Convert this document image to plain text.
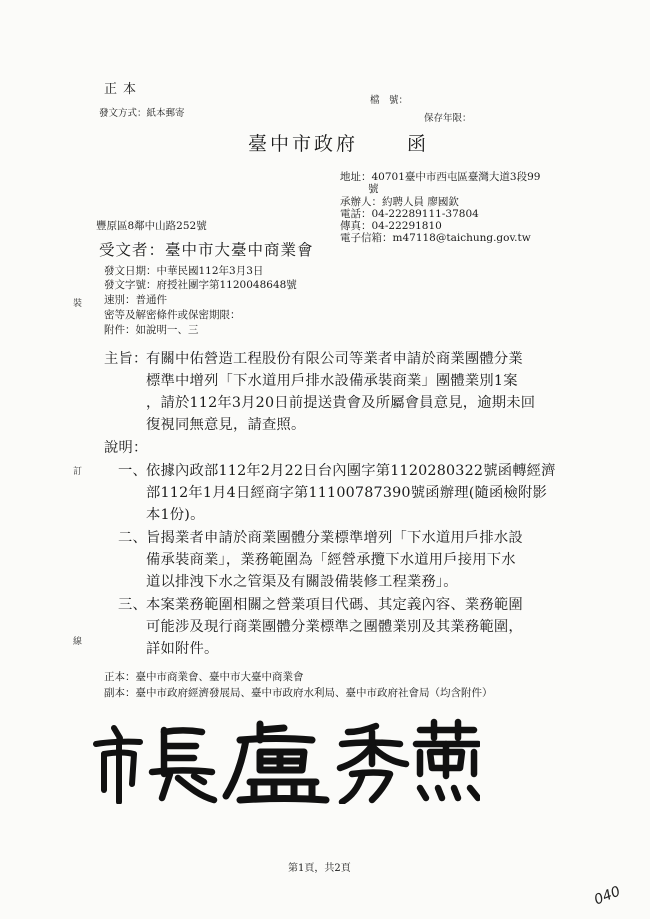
正本
發文方式：紙本郵寄
檔　號：
保存年限：
臺中市政府	函
地址：40701臺中市西屯區臺灣大道3段99
號
承辦人：約聘人員 廖國欽
電話：04-22289111-37804
傳真：04-22291810
電子信箱：m47118@taichung.gov.tw
豐原區8鄰中山路252號
受文者：臺中市大臺中商業會
發文日期：中華民國112年3月3日
發文字號：府授社團字第1120048648號
速別：普通件
密等及解密條件或保密期限：
附件：如說明一、三
主旨：
有關中佑營造工程股份有限公司等業者申請於商業團體分業
標準中增列「下水道用戶排水設備承裝商業」團體業別1案
，請於112年3月20日前提送貴會及所屬會員意見，逾期未回
復視同無意見，請查照。
說明：
一、 依據內政部112年2月22日台內團字第1120280322號函轉經濟
部112年1月4日經商字第11100787390號函辦理(隨函檢附影
本1份)。
二、 旨揭業者申請於商業團體分業標準增列「下水道用戶排水設
備承裝商業」，業務範圍為「經營承攬下水道用戶接用下水
道以排洩下水之管渠及有關設備裝修工程業務」。
三、 本案業務範圍相關之營業項目代碼、其定義內容、業務範圍
可能涉及現行商業團體分業標準之團體業別及其業務範圍，
詳如附件。
正本：臺中市商業會、臺中市大臺中商業會
副本：臺中市政府經濟發展局、臺中市政府水利局、臺中市政府社會局（均含附件）
裝
訂
線
第1頁，共2頁
040
